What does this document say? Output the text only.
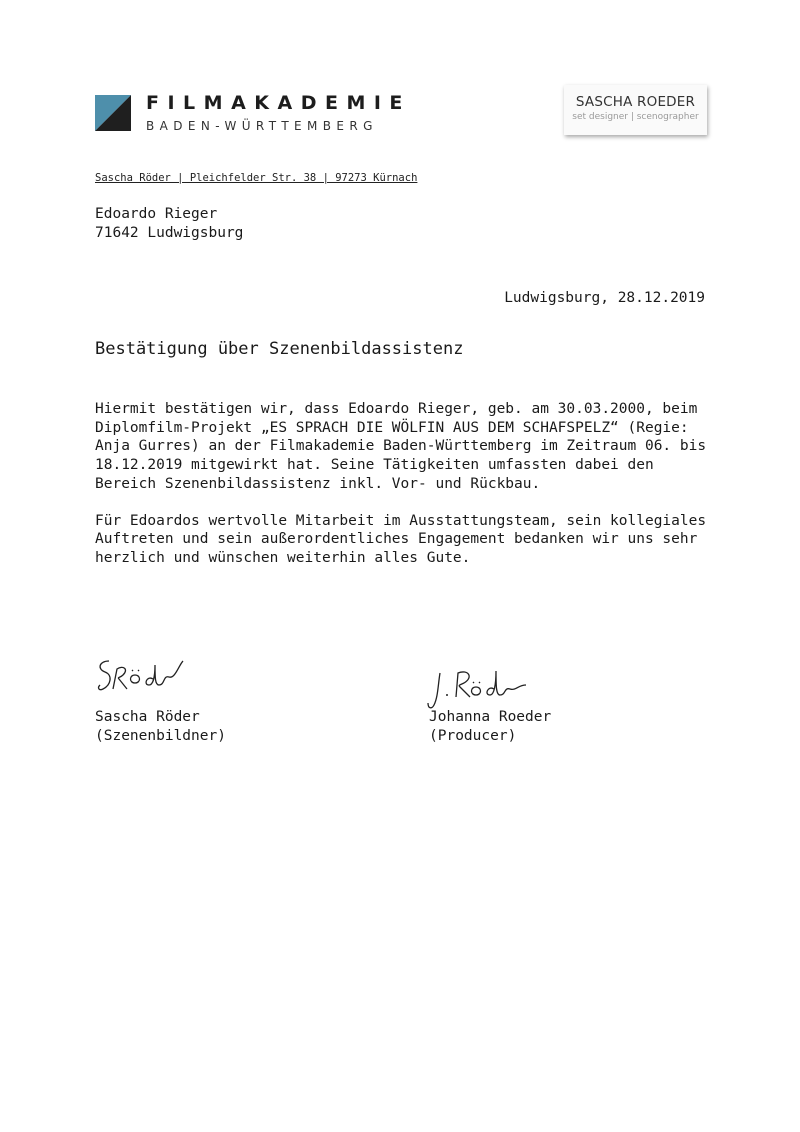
FILMAKADEMIE
BADEN-WÜRTTEMBERG
SASCHA ROEDER
set designer | scenographer
Sascha Röder | Pleichfelder Str. 38 | 97273 Kürnach
Edoardo Rieger
71642 Ludwigsburg
Ludwigsburg, 28.12.2019
Bestätigung über Szenenbildassistenz

Hiermit bestätigen wir, dass Edoardo Rieger, geb. am 30.03.2000, beim Diplomfilm-Projekt „ES SPRACH DIE WÖLFIN AUS DEM SCHAFSPELZ“ (Regie: Anja Gurres) an der Filmakademie Baden-Württemberg im Zeitraum 06. bis 18.12.2019 mitgewirkt hat. Seine Tätigkeiten umfassten dabei den Bereich Szenenbildassistenz inkl. Vor- und Rückbau.

Für Edoardos wertvolle Mitarbeit im Ausstattungsteam, sein kollegiales Auftreten und sein außerordentliches Engagement bedanken wir uns sehr herzlich und wünschen weiterhin alles Gute.

Sascha Röder
(Szenenbildner)
Johanna Roeder
(Producer)
